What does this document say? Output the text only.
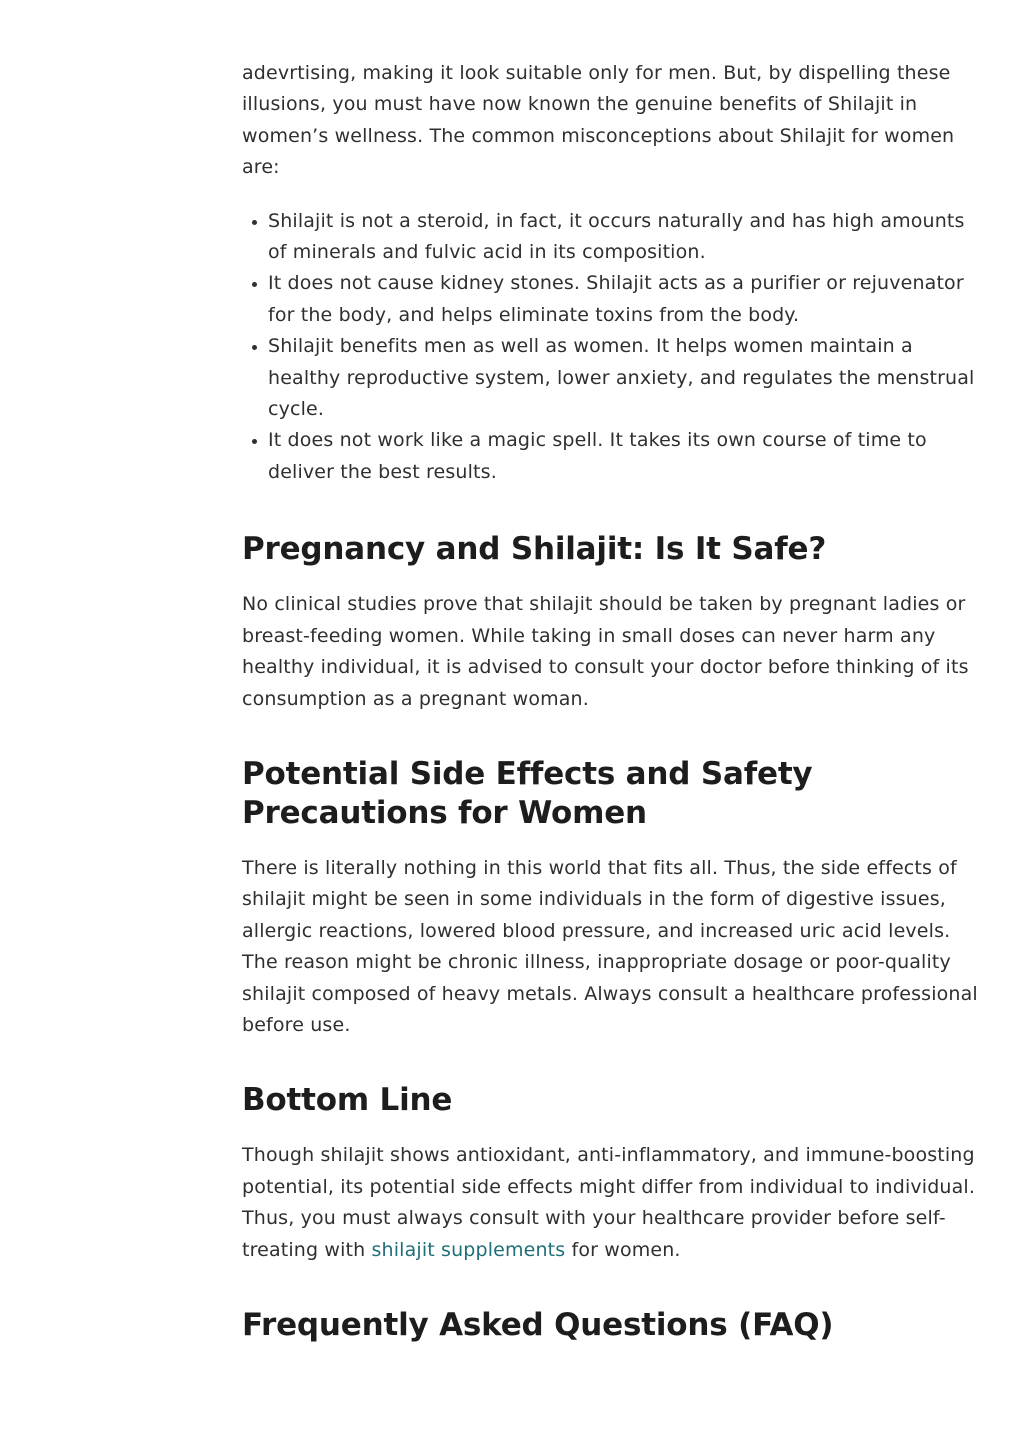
adevrtising, making it look suitable only for men. But, by dispelling these illusions, you must have now known the genuine benefits of Shilajit in women’s wellness. The common misconceptions about Shilajit for women are:

• Shilajit is not a steroid, in fact, it occurs naturally and has high amounts of minerals and fulvic acid in its composition.
• It does not cause kidney stones. Shilajit acts as a purifier or rejuvenator for the body, and helps eliminate toxins from the body.
• Shilajit benefits men as well as women. It helps women maintain a healthy reproductive system, lower anxiety, and regulates the menstrual cycle.
• It does not work like a magic spell. It takes its own course of time to deliver the best results.
Pregnancy and Shilajit: Is It Safe?

No clinical studies prove that shilajit should be taken by pregnant ladies or breast-feeding women. While taking in small doses can never harm any healthy individual, it is advised to consult your doctor before thinking of its consumption as a pregnant woman.

Potential Side Effects and Safety Precautions for Women

There is literally nothing in this world that fits all. Thus, the side effects of shilajit might be seen in some individuals in the form of digestive issues, allergic reactions, lowered blood pressure, and increased uric acid levels. The reason might be chronic illness, inappropriate dosage or poor-quality shilajit composed of heavy metals. Always consult a healthcare professional before use.

Bottom Line

Though shilajit shows antioxidant, anti-inflammatory, and immune-boosting potential, its potential side effects might differ from individual to individual. Thus, you must always consult with your healthcare provider before self-treating with shilajit supplements for women.

Frequently Asked Questions (FAQ)
